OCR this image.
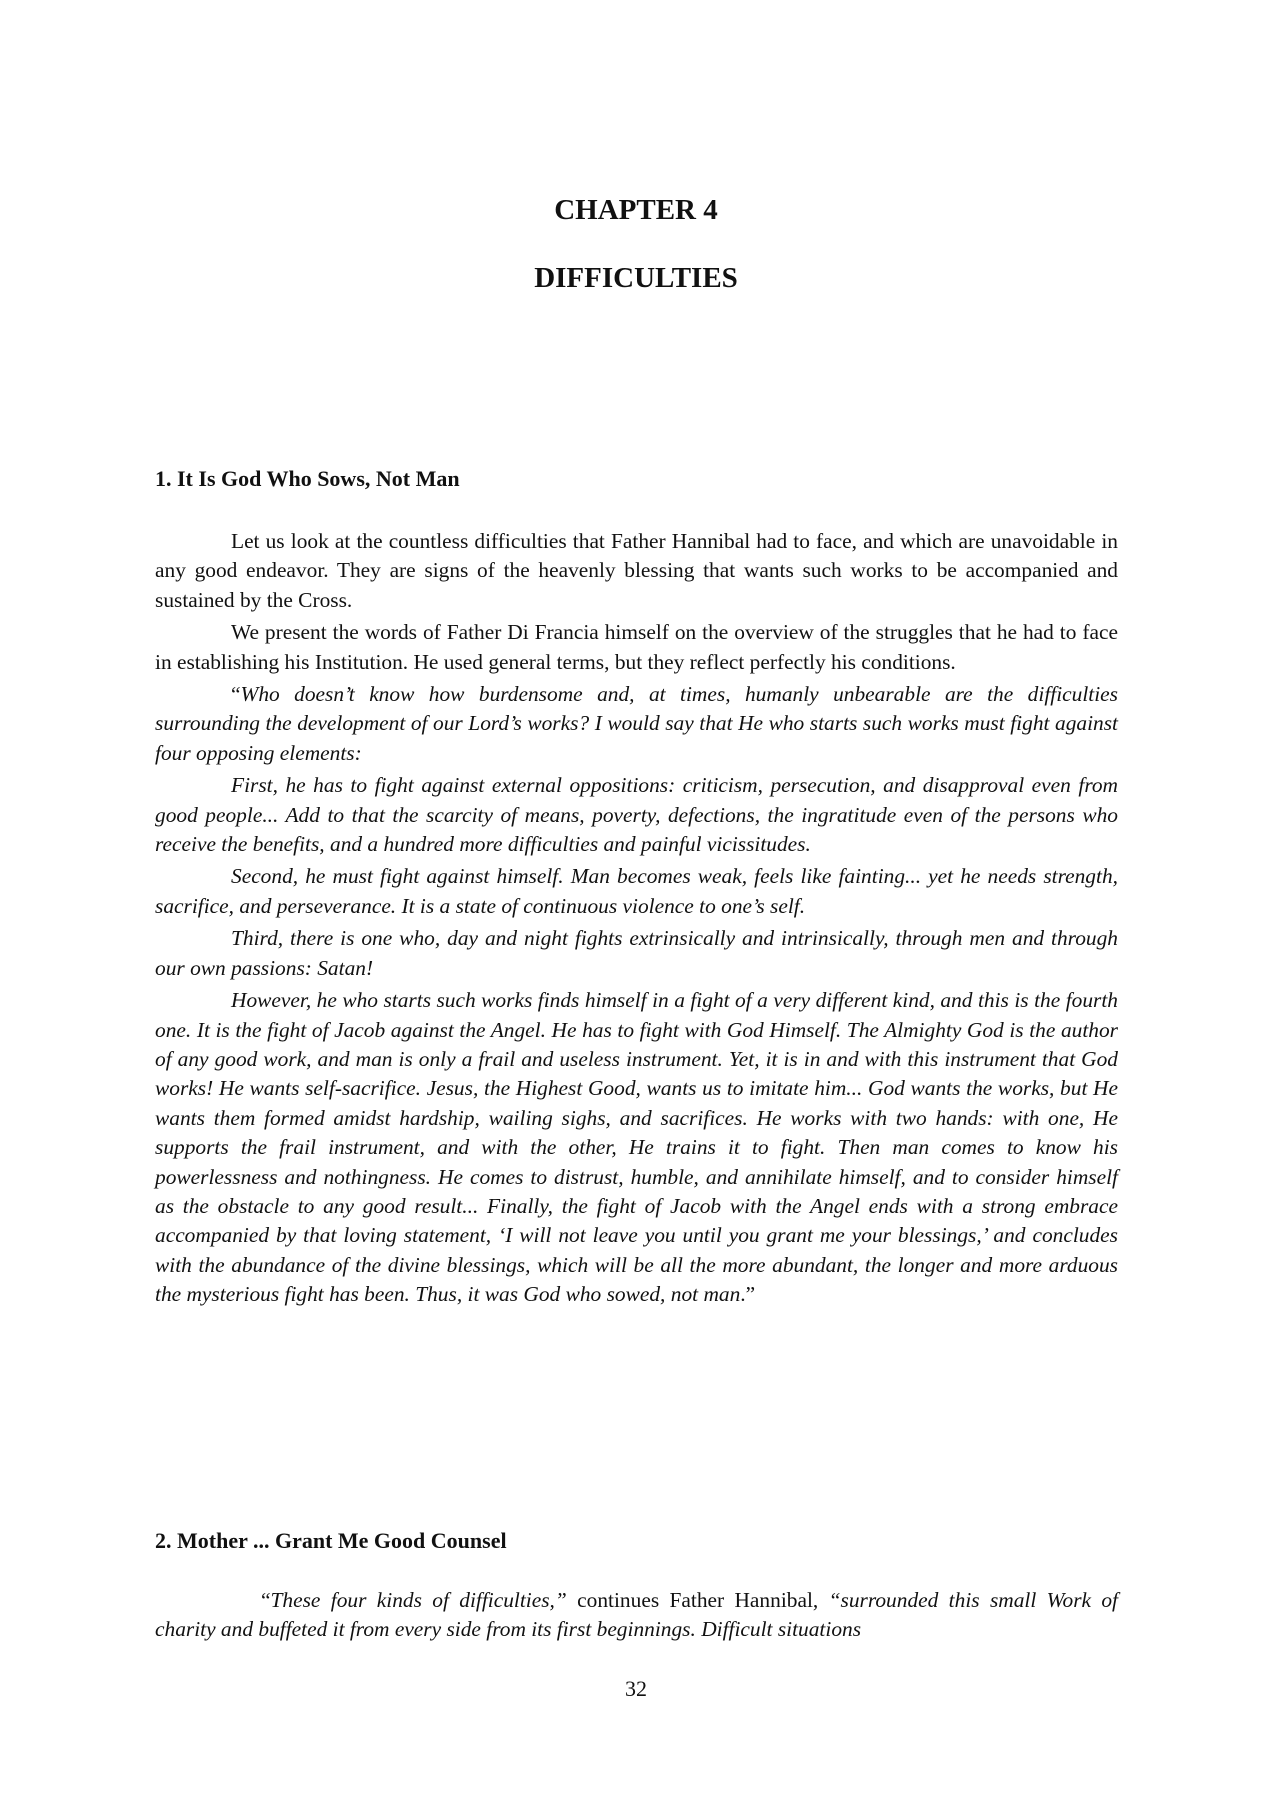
CHAPTER 4
DIFFICULTIES
1. It Is God Who Sows, Not Man

Let us look at the countless difficulties that Father Hannibal had to face, and which are unavoidable in any good endeavor. They are signs of the heavenly blessing that wants such works to be accompanied and sustained by the Cross.

We present the words of Father Di Francia himself on the overview of the struggles that he had to face in establishing his Institution. He used general terms, but they reflect perfectly his conditions.

“Who doesn’t know how burdensome and, at times, humanly unbearable are the difficulties surrounding the development of our Lord’s works? I would say that He who starts such works must fight against four opposing elements:

First, he has to fight against external oppositions: criticism, persecution, and disapproval even from good people... Add to that the scarcity of means, poverty, defections, the ingratitude even of the persons who receive the benefits, and a hundred more difficulties and painful vicissitudes.

Second, he must fight against himself. Man becomes weak, feels like fainting... yet he needs strength, sacrifice, and perseverance. It is a state of continuous violence to one’s self.

Third, there is one who, day and night fights extrinsically and intrinsically, through men and through our own passions: Satan!

However, he who starts such works finds himself in a fight of a very different kind, and this is the fourth one. It is the fight of Jacob against the Angel. He has to fight with God Himself. The Almighty God is the author of any good work, and man is only a frail and useless instrument. Yet, it is in and with this instrument that God works! He wants self-sacrifice. Jesus, the Highest Good, wants us to imitate him... God wants the works, but He wants them formed amidst hardship, wailing sighs, and sacrifices. He works with two hands: with one, He supports the frail instrument, and with the other, He trains it to fight. Then man comes to know his powerlessness and nothingness. He comes to distrust, humble, and annihilate himself, and to consider himself as the obstacle to any good result... Finally, the fight of Jacob with the Angel ends with a strong embrace accompanied by that loving statement, ‘I will not leave you until you grant me your blessings,’ and concludes with the abundance of the divine blessings, which will be all the more abundant, the longer and more arduous the mysterious fight has been. Thus, it was God who sowed, not man.”

2. Mother ... Grant Me Good Counsel

“These four kinds of difficulties,” continues Father Hannibal, “surrounded this small Work of charity and buffeted it from every side from its first beginnings. Difficult situations

32
